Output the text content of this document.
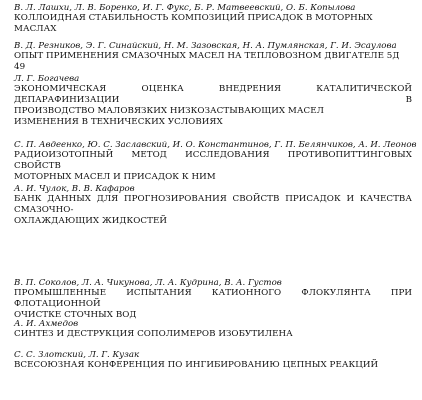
В. Л. Лашхи, Л. В. Боренко, И. Г. Фукс, Б. Р. Матвеевский, О. Б. Копылова
КОЛЛОИДНАЯ СТАБИЛЬНОСТЬ КОМПОЗИЦИЙ ПРИСАДОК В МОТОРНЫХ МАСЛАХ
В. Д. Резников, Э. Г. Синайский, Н. М. Зазовская, Н. А. Пумлянская, Г. И. Эсаулова
ОПЫТ ПРИМЕНЕНИЯ СМАЗОЧНЫХ МАСЕЛ НА ТЕПЛОВОЗНОМ ДВИГАТЕЛЕ 5Д 49
Л. Г. Богачева
ЭКОНОМИЧЕСКАЯ ОЦЕНКА ВНЕДРЕНИЯ КАТАЛИТИЧЕСКОЙ ДЕПАРАФИНИЗАЦИИ В
ПРОИЗВОДСТВО МАЛОВЯЗКИХ НИЗКОЗАСТЫВАЮЩИХ МАСЕЛ
ИЗМЕНЕНИЯ В ТЕХНИЧЕСКИХ УСЛОВИЯХ
С. П. Авдеенко, Ю. С. Заславский, И. О. Константинов, Г. П. Белянчиков, А. И. Леонов
РАДИОИЗОТОПНЫЙ МЕТОД ИССЛЕДОВАНИЯ ПРОТИВОПИТТИНГОВЫХ СВОЙСТВ
МОТОРНЫХ МАСЕЛ И ПРИСАДОК К НИМ
А. И. Чулок, В. В. Кафаров
БАНК ДАННЫХ ДЛЯ ПРОГНОЗИРОВАНИЯ СВОЙСТВ ПРИСАДОК И КАЧЕСТВА СМАЗОЧНО-
ОХЛАЖДАЮЩИХ ЖИДКОСТЕЙ
В. П. Соколов, Л. А. Чикунова, Л. А. Кудрина, В. А. Густов
ПРОМЫШЛЕННЫЕ ИСПЫТАНИЯ КАТИОННОГО ФЛОКУЛЯНТА ПРИ ФЛОТАЦИОННОЙ
ОЧИСТКЕ СТОЧНЫХ ВОД
А. И. Ахмедов
СИНТЕЗ И ДЕСТРУКЦИЯ СОПОЛИМЕРОВ ИЗОБУТИЛЕНА
С. С. Злотский, Л. Г. Кузак
ВСЕСОЮЗНАЯ КОНФЕРЕНЦИЯ ПО ИНГИБИРОВАНИЮ ЦЕПНЫХ РЕАКЦИЙ
